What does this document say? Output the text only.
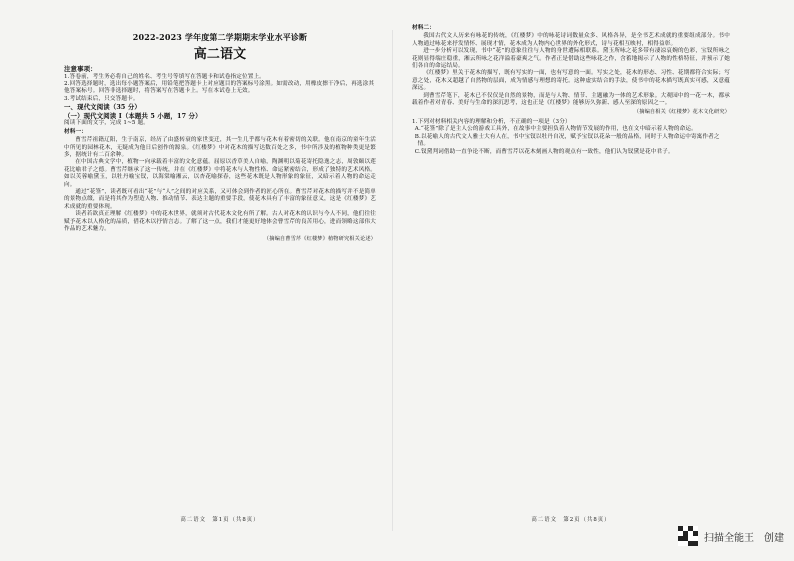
2022-2023 学年度第二学期期末学业水平诊断
高二语文
注意事项：

1.答卷前，考生务必将自己的姓名、考生号等填写在答题卡和试卷指定位置上。

2.回答选择题时，选出每小题答案后，用铅笔把答题卡上对应题目的答案标号涂黑。如需改动，用橡皮擦干净后，再选涂其他答案标号。回答非选择题时，将答案写在答题卡上。写在本试卷上无效。

3.考试结束后，只交答题卡。

一、现代文阅读（35 分）
（一）现代文阅读 I（本题共 5 小题，17 分）

阅读下面的文字，完成 1~5 题。

材料一：

曹雪芹祖籍辽阳，生于南京，经历了由盛转衰的家世变迁，其一生几乎都与花木有着密切的关联。他在南京的童年生活中所见的园林花木，无疑成为他日后创作的源泉。《红楼梦》中对花木的描写达数百处之多，书中所涉及的植物种类更是繁多，据统计有二百余种。

在中国古典文学中，植物一向承载着丰富的文化意蕴。屈原以香草美人自喻，陶渊明以菊花寄托隐逸之志，周敦颐以莲花比喻君子之德。曹雪芹继承了这一传统，并在《红楼梦》中将花木与人物性格、命运紧密结合，形成了独特的艺术风格。如以芙蓉喻黛玉，以牡丹喻宝钗，以海棠喻湘云，以杏花喻探春，这些花木既是人物形象的象征，又暗示着人物的命运走向。

通过“花签”，读者既可看出“花”与“人”之间的对应关系，又可体会到作者的匠心所在。曹雪芹对花木的描写并不是简单的景物点缀，而是将其作为塑造人物、推动情节、表达主题的重要手段，使花木具有了丰富的象征意义，这是《红楼梦》艺术成就的重要体现。

读者若欲真正理解《红楼梦》中的花木世界，就须对古代花木文化有所了解。古人对花木的认识与今人不同，他们往往赋予花木以人格化的品质，借花木以抒情言志。了解了这一点，我们才能更好地体会曹雪芹的良苦用心，进而领略这部伟大作品的艺术魅力。

（摘编自曹雪芹《红楼梦》植物研究相关论述）
高二语文　第1页（共8页）
材料二：

我国古代文人历来有咏花的传统，《红楼梦》中的咏花诗词数量众多、风格各异，是全书艺术成就的重要组成部分。书中人物通过咏花来抒发情怀、展现才情，花木成为人物内心世界的外化形式，诗与花相互映衬，相得益彰。

进一步分析可以发现，书中“花”的意象往往与人物的身世遭际相联系。黛玉所咏之花多带有凄凉哀婉的色彩，宝钗所咏之花则显得端庄稳重，湘云所咏之花洋溢着豪爽之气。作者正是借助这些咏花之作，含蓄地揭示了人物的性格特征，并预示了她们各自的命运结局。

《红楼梦》里关于花木的描写，既有写实的一面，也有写意的一面。写实之处，花木的形态、习性、花期都符合实际；写意之处，花木又超越了自然物的层面，成为情感与理想的寄托。这种虚实结合的手法，使书中的花木描写既真实可感，又意蕴深远。

到曹雪芹笔下，花木已不仅仅是自然的景物，而是与人物、情节、主题融为一体的艺术形象。大观园中的一花一木，都承载着作者对青春、美好与生命的深沉思考，这也正是《红楼梦》能够历久弥新、感人至深的原因之一。

（摘编自相关《红楼梦》花木文化研究）

1.下列对材料相关内容的理解和分析，不正确的一项是（3分）

A.“花签”除了是主人公的游戏工具外，在故事中主要担负着人物情节发展的作用，也在文中暗示着人物的命运。

B.以花喻人的古代文人雅士大有人在，书中宝钗以牡丹自况，赋予宝钗以花朵一般的品格，同时于人物命运中寄寓作者之情。

C.钗黛判词借助一直争论不断，而曹雪芹以花木刻画人物的观点有一致性，他们认为钗黛是花中君子。

高二语文　第2页（共8页）
扫描全能王　创建
